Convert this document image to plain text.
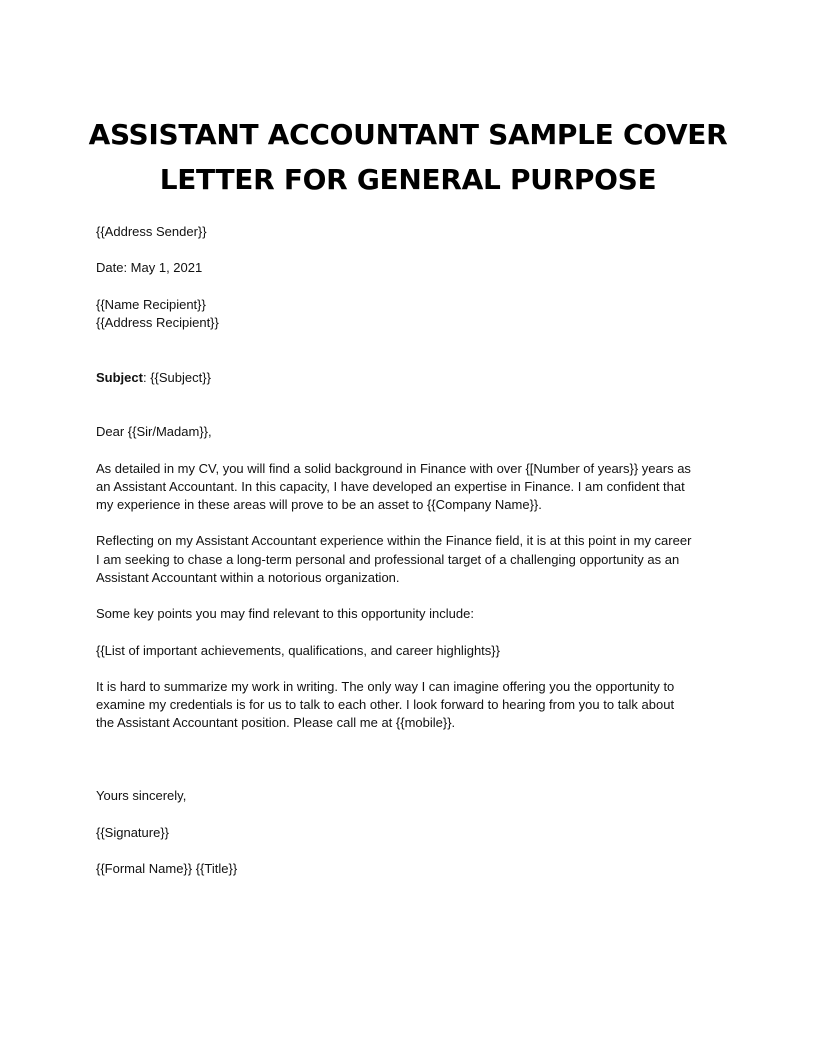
ASSISTANT ACCOUNTANT SAMPLE COVER
LETTER FOR GENERAL PURPOSE

{{Address Sender}}

Date: May 1, 2021

{{Name Recipient}}

{{Address Recipient}}

Subject: {{Subject}}

Dear {{Sir/Madam}},

As detailed in my CV, you will find a solid background in Finance with over {[Number of years}} years as

an Assistant Accountant. In this capacity, I have developed an expertise in Finance. I am confident that

my experience in these areas will prove to be an asset to {{Company Name}}.

Reflecting on my Assistant Accountant experience within the Finance field, it is at this point in my career

I am seeking to chase a long-term personal and professional target of a challenging opportunity as an

Assistant Accountant within a notorious organization.

Some key points you may find relevant to this opportunity include:

{{List of important achievements, qualifications, and career highlights}}

It is hard to summarize my work in writing. The only way I can imagine offering you the opportunity to

examine my credentials is for us to talk to each other. I look forward to hearing from you to talk about

the Assistant Accountant position. Please call me at {{mobile}}.

Yours sincerely,

{{Signature}}

{{Formal Name}} {{Title}}
